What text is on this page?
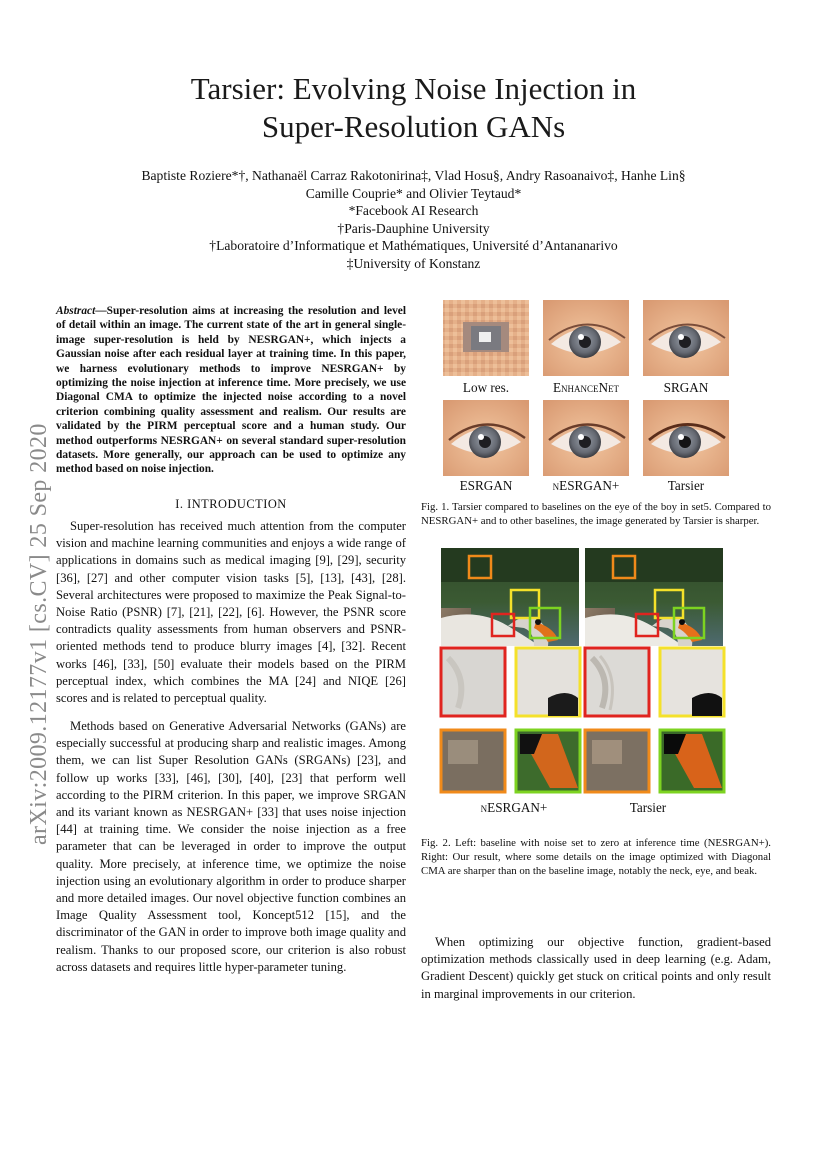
arXiv:2009.12177v1 [cs.CV] 25 Sep 2020
Tarsier: Evolving Noise Injection in
Super-Resolution GANs
Baptiste Roziere*†, Nathanaël Carraz Rakotonirina‡, Vlad Hosu§, Andry Rasoanaivo‡, Hanhe Lin§
Camille Couprie* and Olivier Teytaud*
*Facebook AI Research
†Paris-Dauphine University
†Laboratoire d’Informatique et Mathématiques, Université d’Antananarivo
‡University of Konstanz
Abstract—Super-resolution aims at increasing the resolution and level of detail within an image. The current state of the art in general single-image super-resolution is held by NESRGAN+, which injects a Gaussian noise after each residual layer at training time. In this paper, we harness evolutionary methods to improve NESRGAN+ by optimizing the noise injection at inference time. More precisely, we use Diagonal CMA to optimize the injected noise according to a novel criterion combining quality assessment and realism. Our results are validated by the PIRM perceptual score and a human study. Our method outperforms NESRGAN+ on several standard super-resolution datasets. More generally, our approach can be used to optimize any method based on noise injection.
I. INTRODUCTION
Super-resolution has received much attention from the computer vision and machine learning communities and enjoys a wide range of applications in domains such as medical imaging [9], [29], security [36], [27] and other computer vision tasks [5], [13], [43], [28]. Several architectures were proposed to maximize the Peak Signal-to-Noise Ratio (PSNR) [7], [21], [22], [6]. However, the PSNR score contradicts quality assessments from human observers and PSNR-oriented methods tend to produce blurry images [4], [32]. Recent works [46], [33], [50] evaluate their models based on the PIRM perceptual index, which combines the MA [24] and NIQE [26] scores and is related to perceptual quality.
Methods based on Generative Adversarial Networks (GANs) are especially successful at producing sharp and realistic images. Among them, we can list Super Resolution GANs (SRGANs) [23], and follow up works [33], [46], [30], [40], [23] that perform well according to the PIRM criterion. In this paper, we improve SRGAN and its variant known as NESRGAN+ [33] that uses noise injection [44] at training time. We consider the noise injection as a free parameter that can be leveraged in order to improve the output quality. More precisely, at inference time, we optimize the noise injection using an evolutionary algorithm in order to produce sharper and more detailed images. Our novel objective function combines an Image Quality Assessment tool, Koncept512 [15], and the discriminator of the GAN in order to improve both image quality and realism. Thanks to our proposed score, our criterion is also robust across datasets and requires little hyper-parameter tuning.
Low res.	EnhanceNet	SRGAN
ESRGAN	nESRGAN+	Tarsier
Fig. 1. Tarsier compared to baselines on the eye of the boy in set5. Compared to NESRGAN+ and to other baselines, the image generated by Tarsier is sharper.
nESRGAN+	Tarsier
Fig. 2. Left: baseline with noise set to zero at inference time (NESRGAN+). Right: Our result, where some details on the image optimized with Diagonal CMA are sharper than on the baseline image, notably the neck, eye, and beak.
When optimizing our objective function, gradient-based optimization methods classically used in deep learning (e.g. Adam, Gradient Descent) quickly get stuck on critical points and only result in marginal improvements in our criterion.
